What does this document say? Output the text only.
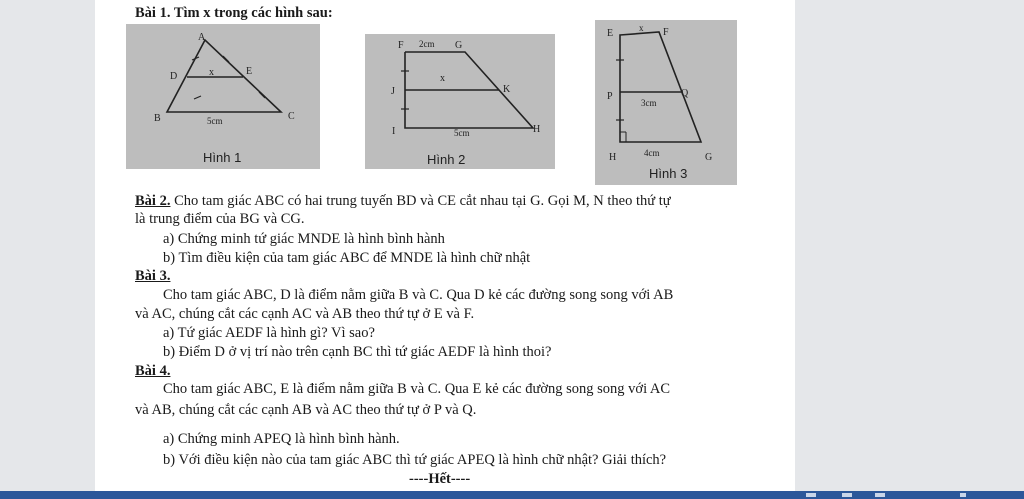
Bài 1. Tìm x trong các hình sau:
A
D	E
x
B	C
5cm
Hình 1
F 2cm G
x
J	K
I	5cm	H
Hình 2
E	x F
P
3cm
Q
H	4cm	G
Hình 3
Bài 2. Cho tam giác ABC có hai trung tuyến BD và CE cắt nhau tại G. Gọi M, N theo thứ tự
là trung điểm của BG và CG.
a) Chứng minh tứ giác MNDE là hình bình hành
b) Tìm điều kiện của tam giác ABC để MNDE là hình chữ nhật
Bài 3.
Cho tam giác ABC, D là điểm nằm giữa B và C. Qua D kẻ các đường song song với AB
và AC, chúng cắt các cạnh AC và AB theo thứ tự ở E và F.
a) Tứ giác AEDF là hình gì? Vì sao?
b) Điểm D ở vị trí nào trên cạnh BC thì tứ giác AEDF là hình thoi?
Bài 4.
Cho tam giác ABC, E là điểm nằm giữa B và C. Qua E kẻ các đường song song với AC
và AB, chúng cắt các cạnh AB và AC theo thứ tự ở P và Q.
a) Chứng minh APEQ là hình bình hành.
b) Với điều kiện nào của tam giác ABC thì tứ giác APEQ là hình chữ nhật? Giải thích?
----Hết----
